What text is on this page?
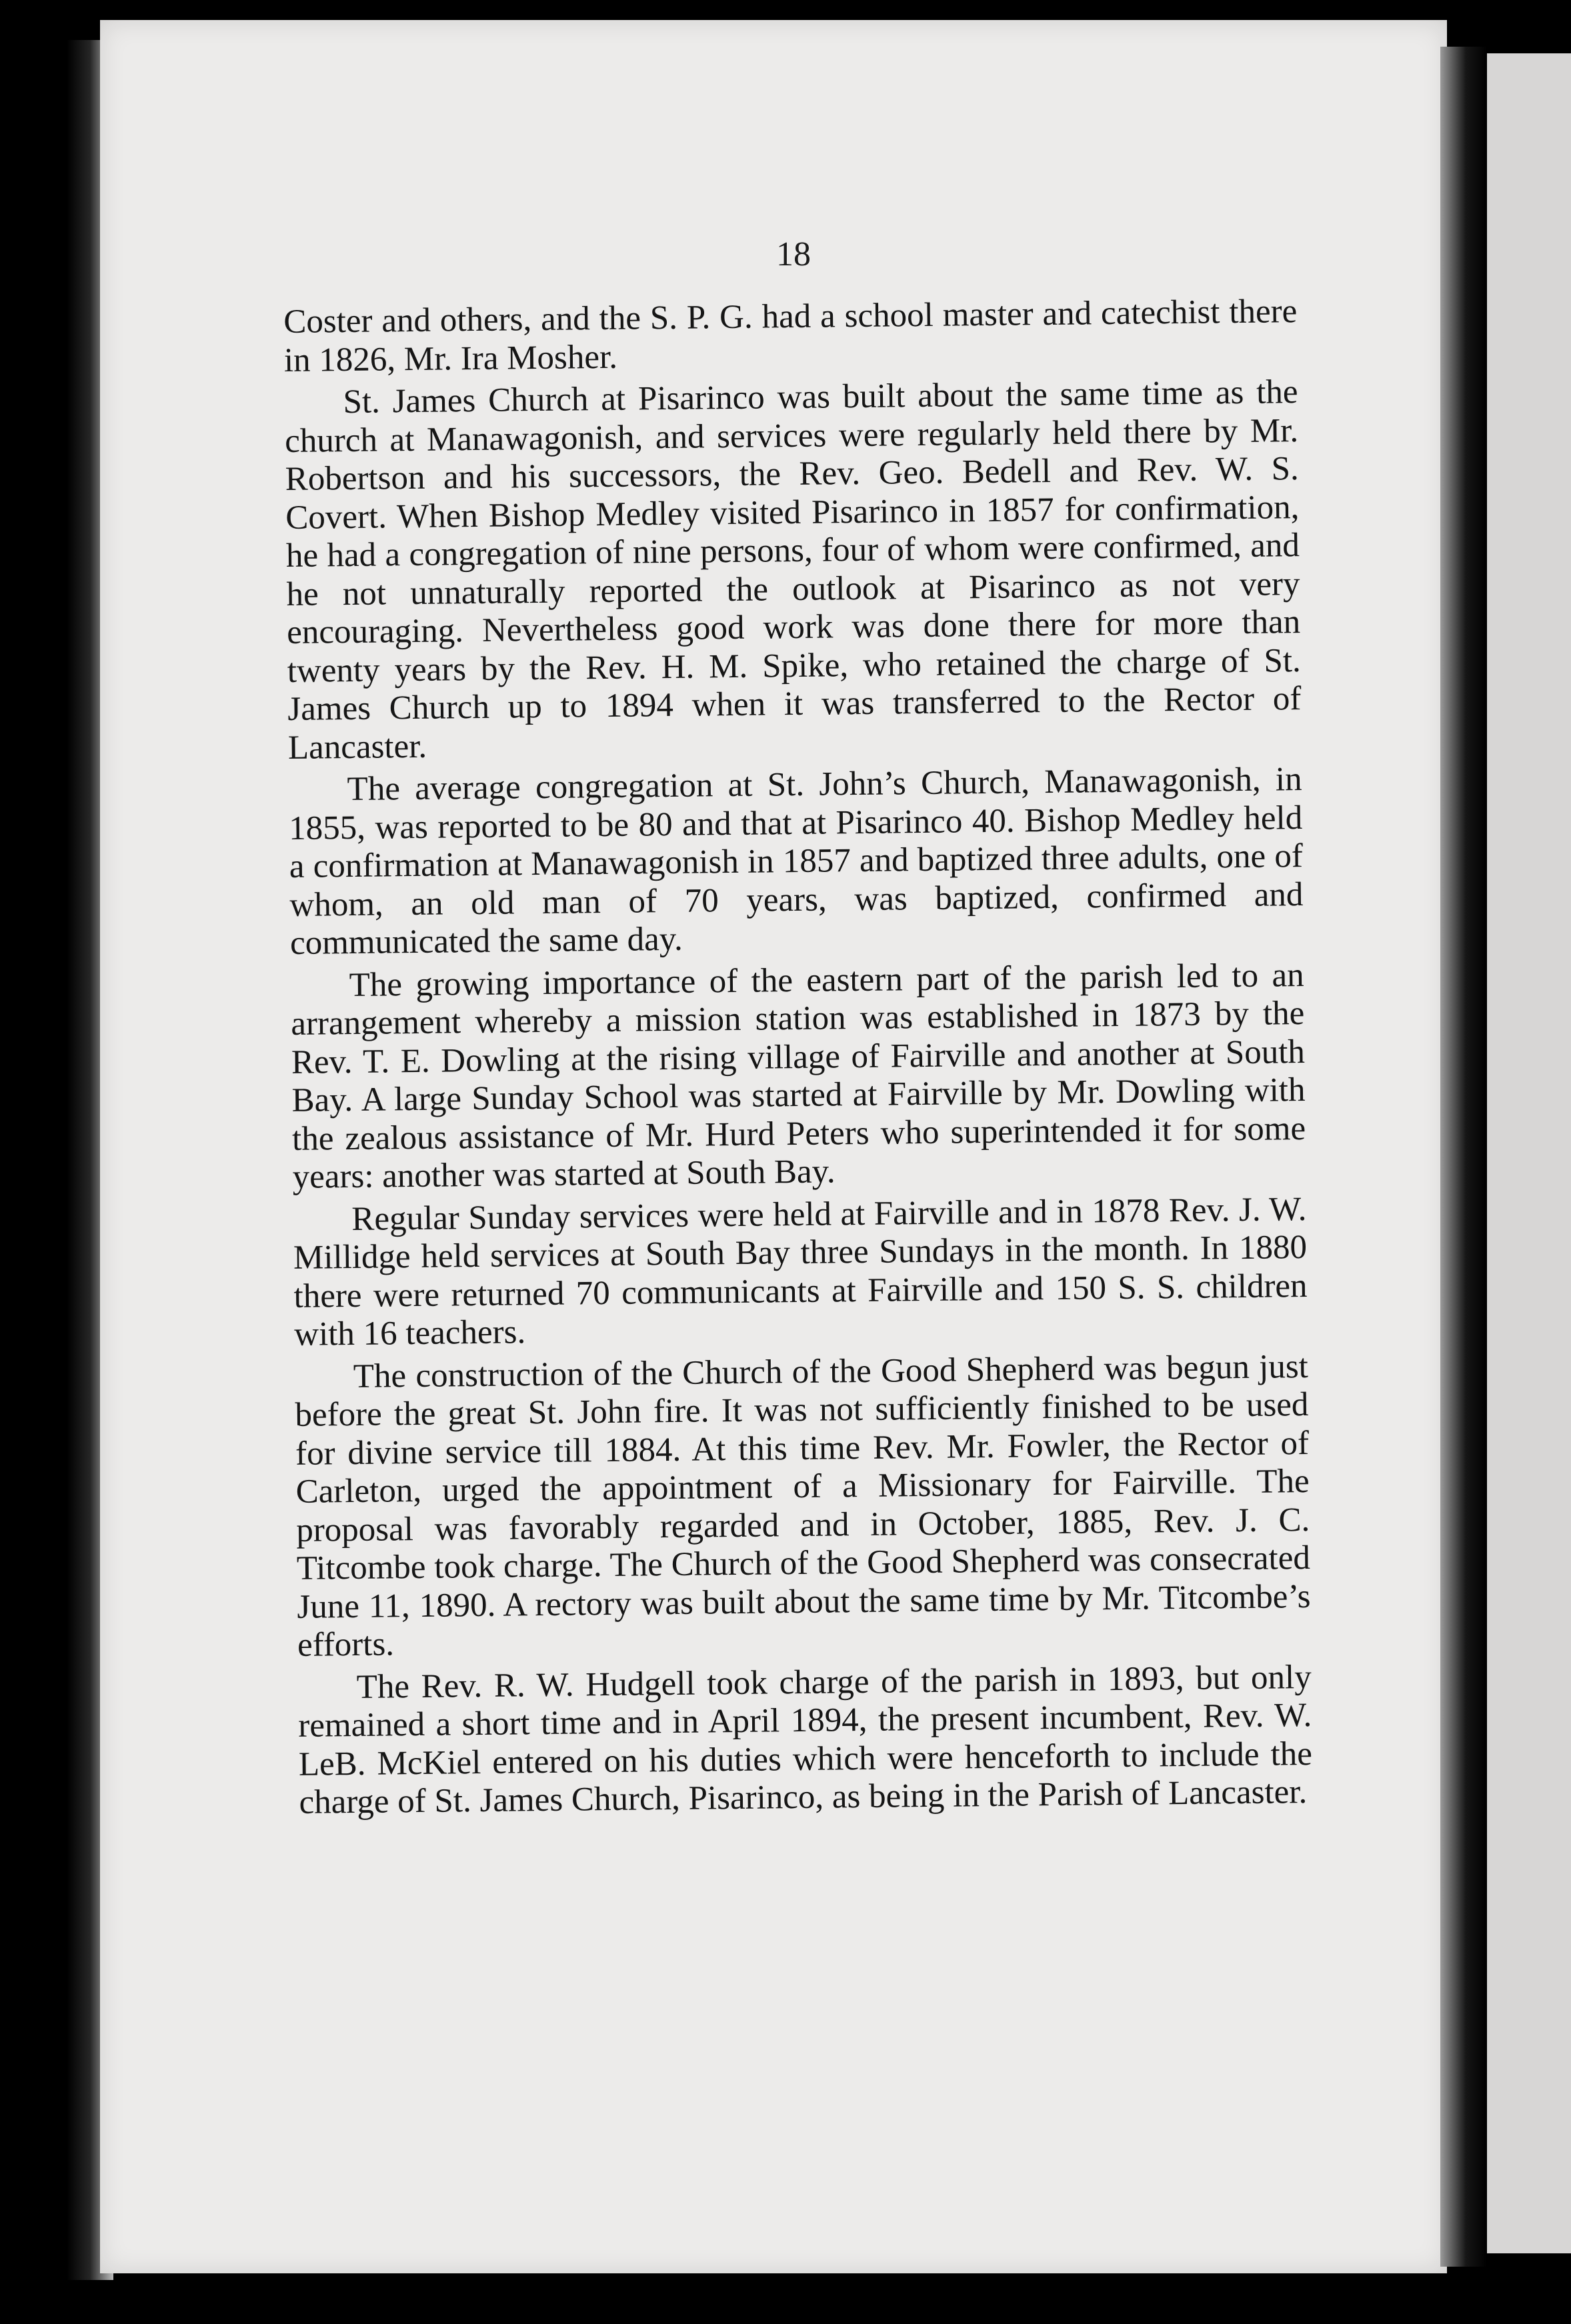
18

Coster and others, and the S. P. G. had a school master and catechist there in 1826, Mr. Ira Mosher.

St. James Church at Pisarinco was built about the same time as the church at Manawagonish, and services were regularly held there by Mr. Robertson and his successors, the Rev. Geo. Bedell and Rev. W. S. Covert. When Bishop Medley visited Pisarinco in 1857 for confirmation, he had a congregation of nine persons, four of whom were confirmed, and he not unnaturally reported the outlook at Pisarinco as not very encouraging. Nevertheless good work was done there for more than twenty years by the Rev. H. M. Spike, who retained the charge of St. James Church up to 1894 when it was transferred to the Rector of Lancaster.

The average congregation at St. John’s Church, Manawagonish, in 1855, was reported to be 80 and that at Pisarinco 40. Bishop Medley held a confirmation at Manawagonish in 1857 and baptized three adults, one of whom, an old man of 70 years, was baptized, confirmed and communicated the same day.

The growing importance of the eastern part of the parish led to an arrangement whereby a mission station was established in 1873 by the Rev. T. E. Dowling at the rising village of Fairville and another at South Bay. A large Sunday School was started at Fairville by Mr. Dowling with the zealous assistance of Mr. Hurd Peters who superintended it for some years: another was started at South Bay.

Regular Sunday services were held at Fairville and in 1878 Rev. J. W. Millidge held services at South Bay three Sundays in the month. In 1880 there were returned 70 communicants at Fairville and 150 S. S. children with 16 teachers.

The construction of the Church of the Good Shepherd was begun just before the great St. John fire. It was not sufficiently finished to be used for divine service till 1884. At this time Rev. Mr. Fowler, the Rector of Carleton, urged the appointment of a Missionary for Fairville. The proposal was favorably regarded and in October, 1885, Rev. J. C. Titcombe took charge. The Church of the Good Shepherd was consecrated June 11, 1890. A rectory was built about the same time by Mr. Titcombe’s efforts.

The Rev. R. W. Hudgell took charge of the parish in 1893, but only remained a short time and in April 1894, the present incumbent, Rev. W. LeB. McKiel entered on his duties which were henceforth to include the charge of St. James Church, Pisarinco, as being in the Parish of Lancaster.
